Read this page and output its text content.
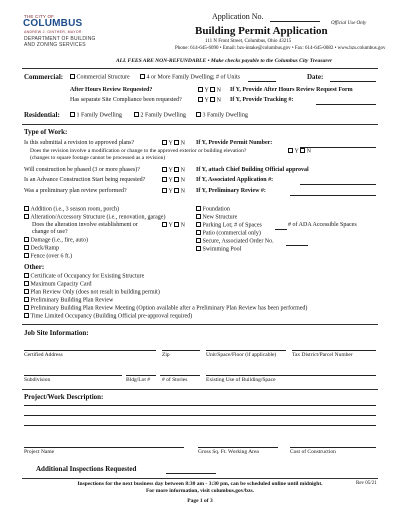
THE CITY OF
COLUMBUS
ANDREW J. GINTHER, MAYOR
DEPARTMENT OF BUILDING
AND ZONING SERVICES
Application No.
Official Use Only
Building Permit Application
111 N Front Street, Columbus, Ohio 43215
Phone: 614-645-6090 • Email: bzs-intake@columbus.gov • Fax: 614-645-0082 • www.bzs.columbus.gov
ALL FEES ARE NON-REFUNDABLE • Make checks payable to the Columbus City Treasurer
Commercial:	Commercial Structure	4 or More Family Dwelling; # of Units	Date:
After Hours Review Requested?	Y N If Y, Provide After Hours Review Request Form
Has separate Site Compliance been requested?	Y N If Y, Provide Tracking #:
Residential:	1 Family Dwelling	2 Family Dwelling	3 Family Dwelling
Type of Work:
Is this submittal a revision to approved plans?	Y N If Y, Provide Permit Number:
Does the revision involve a modification or change to the approved exterior or building elevation?	Y N
(changes to square footage cannot be processed as a revision)
Will construction be phased (3 or more phases)?	Y N If Y, attach Chief Building Official approval
Is an Advance Construction Start being requested?	Y N If Y, Associated Application #:
Was a preliminary plan review performed?	Y N If Y, Preliminary Review #:
Addition (i.e., 3 season room, porch)
Alteration/Accessory Structure (i.e., renovation, garage)
Does the alteration involve establishment or	Y N
change of use?
Damage (i.e., fire, auto)
Deck/Ramp
Fence (over 6 ft.)
Foundation
New Structure
Parking Lot; # of Spaces	# of ADA Accessible Spaces
Patio (commercial only)
Secure, Associated Order No.
Swimming Pool
Other:
Certificate of Occupancy for Existing Structure
Maximum Capacity Card
Plan Review Only (does not result in building permit)
Preliminary Building Plan Review
Preliminary Building Plan Review Meeting (Option available after a Preliminary Plan Review has been performed)
Time Limited Occupancy (Building Official pre-approval required)
Job Site Information:
Certified Address	Zip	Unit/Space/Floor (if applicable)	Tax District/Parcel Number
Subdivision	Bldg/Lot # # of Stories	Existing Use of Building/Space
Project/Work Description:
Project Name	Gross Sq. Ft. Working Area	Cost of Construction
Additional Inspections Requested
Inspections for the next business day between 8:30 am - 3:30 pm, can be scheduled online until midnight.
For more information, visit columbus.gov/bzs.
Rev 05/21
Page 1 of 3
